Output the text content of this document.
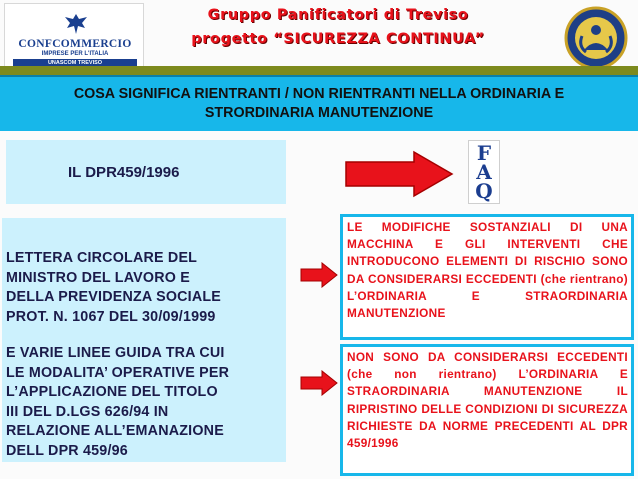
CONFCOMMERCIO
IMPRESE PER L'ITALIA
UNASCOM TREVISO
Gruppo Panificatori di Treviso
progetto “SICUREZZA CONTINUA”
COSA SIGNIFICA RIENTRANTI / NON RIENTRANTI NELLA ORDINARIA E
STRORDINARIA MANUTENZIONE
IL DPR459/1996
F
A
Q
LETTERA CIRCOLARE DEL
MINISTRO DEL LAVORO E
DELLA PREVIDENZA SOCIALE
PROT. N. 1067 DEL 30/09/1999
E VARIE LINEE GUIDA TRA CUI
LE MODALITA’ OPERATIVE PER
L’APPLICAZIONE DEL TITOLO
III DEL D.LGS 626/94 IN
RELAZIONE ALL’EMANAZIONE
DELL DPR 459/96
LE MODIFICHE SOSTANZIALI DI UNA MACCHINA E GLI INTERVENTI CHE INTRODUCONO ELEMENTI DI RISCHIO SONO DA CONSIDERARSI ECCEDENTI (che rientrano) L’ORDINARIA E STRAORDINARIA MANUTENZIONE
NON SONO DA CONSIDERARSI ECCEDENTI (che non rientrano) L’ORDINARIA E STRAORDINARIA MANUTENZIONE IL RIPRISTINO DELLE CONDIZIONI DI SICUREZZA RICHIESTE DA NORME PRECEDENTI AL DPR 459/1996
